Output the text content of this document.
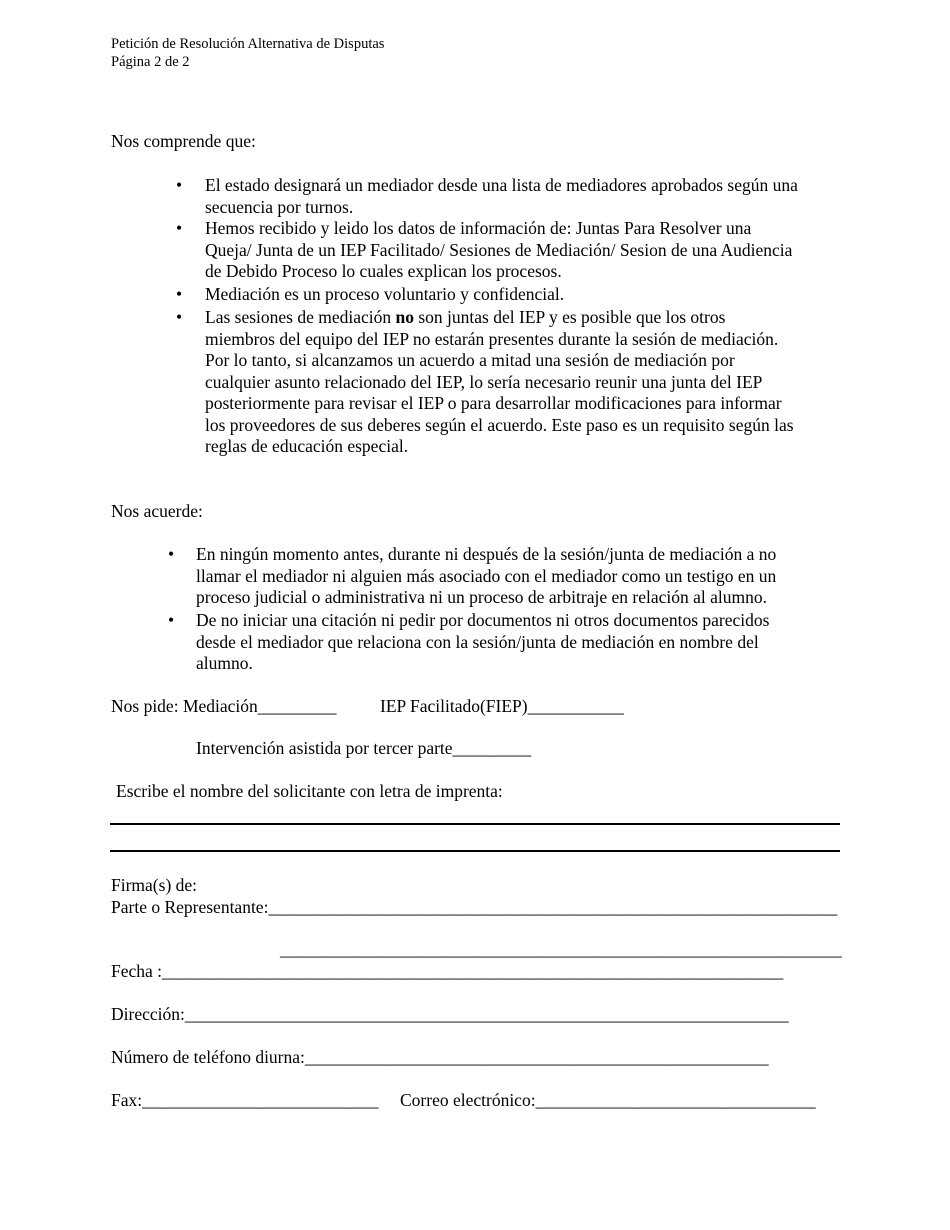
Petición de Resolución Alternativa de Disputas
Página 2 de 2
Nos comprende que:
• El estado designará un mediador desde una lista de mediadores aprobados según una
secuencia por turnos.
• Hemos recibido y leido los datos de información de: Juntas Para Resolver una
Queja/ Junta de un IEP Facilitado/ Sesiones de Mediación/ Sesion de una Audiencia
de Debido Proceso lo cuales explican los procesos.
• Mediación es un proceso voluntario y confidencial.
• Las sesiones de mediación no son juntas del IEP y es posible que los otros
miembros del equipo del IEP no estarán presentes durante la sesión de mediación.
Por lo tanto, si alcanzamos un acuerdo a mitad una sesión de mediación por
cualquier asunto relacionado del IEP, lo sería necesario reunir una junta del IEP
posteriormente para revisar el IEP o para desarrollar modificaciones para informar
los proveedores de sus deberes según el acuerdo. Este paso es un requisito según las
reglas de educación especial.
Nos acuerde:
• En ningún momento antes, durante ni después de la sesión/junta de mediación a no
llamar el mediador ni alguien más asociado con el mediador como un testigo en un
proceso judicial o administrativa ni un proceso de arbitraje en relación al alumno.
• De no iniciar una citación ni pedir por documentos ni otros documentos parecidos
desde el mediador que relaciona con la sesión/junta de mediación en nombre del
alumno.
Nos pide: Mediación_________ IEP Facilitado(FIEP)___________
Intervención asistida por tercer parte_________
Escribe el nombre del solicitante con letra de imprenta:
Firma(s) de:
Parte o Representante:_________________________________________________________________
_________________________________________________________________
Fecha :_______________________________________________________________________
Dirección:_____________________________________________________________________
Número de teléfono diurna:_____________________________________________________
Fax:___________________________ Correo electrónico:________________________________
